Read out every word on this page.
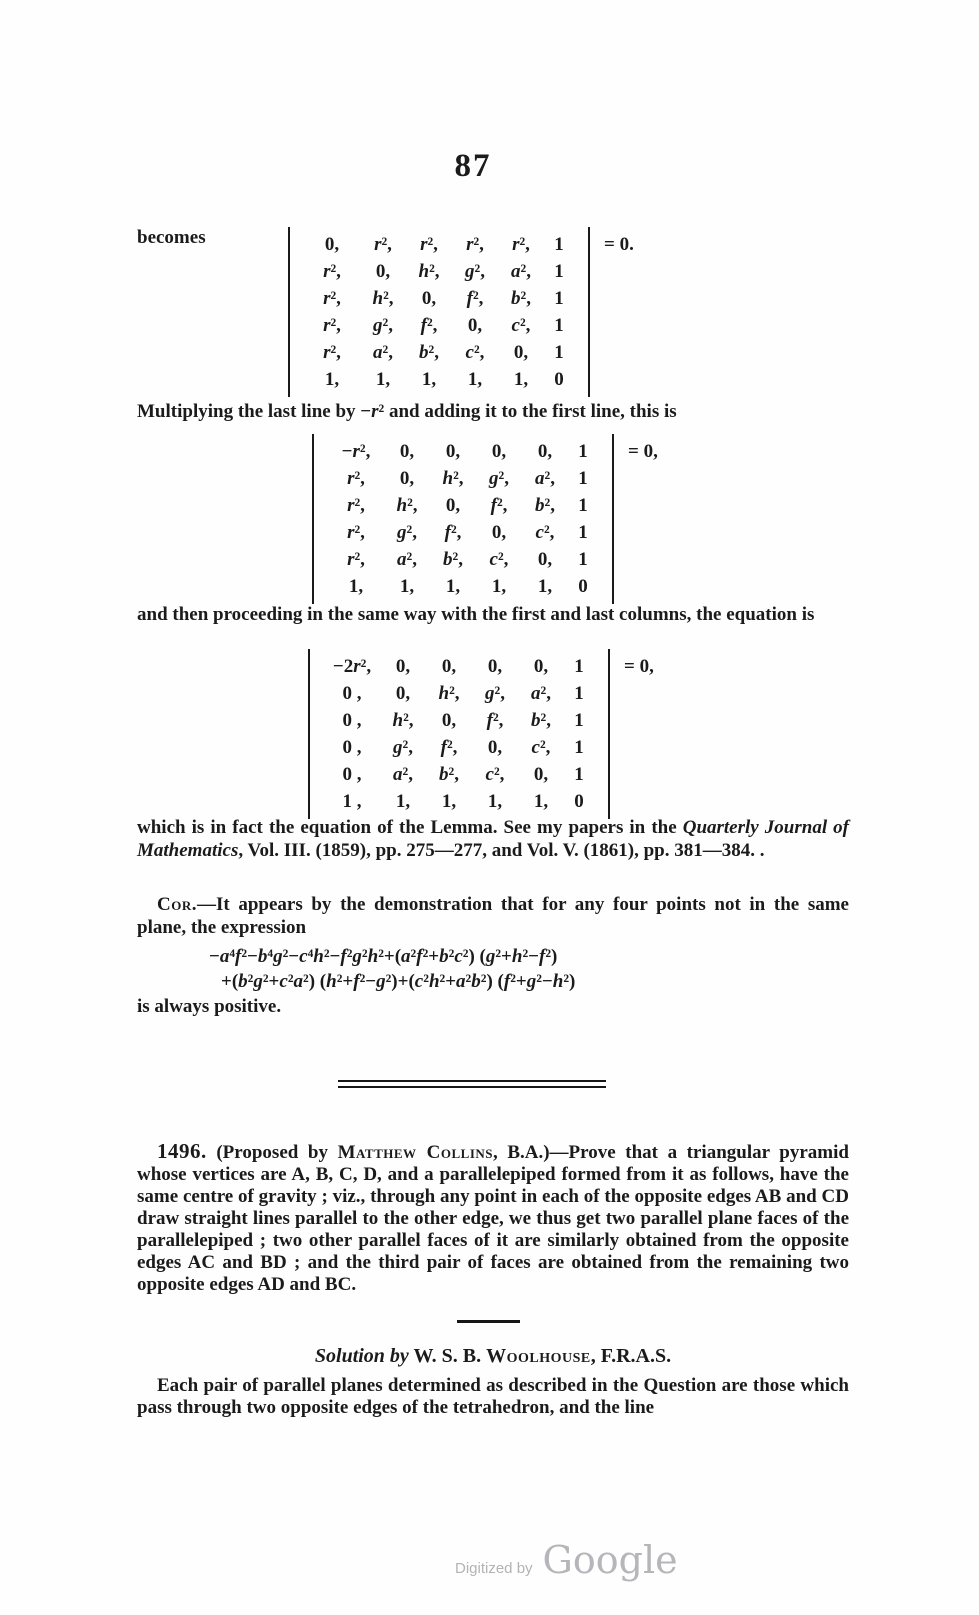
87
becomes	0,	r²,	r²,	r²,	r²,	1
r²,	0,	h²,	g²,	a²,	1
r²,	h²,	0,	f²,	b²,	1
r²,	g²,	f²,	0,	c²,	1
r²,	a²,	b²,	c²,	0,	1
1,	1,	1,	1,	1,	0
= 0.
Multiplying the last line by −r² and adding it to the first line, this is
−r²,	0,	0,	0,	0,	1
r²,	0,	h²,	g²,	a²,	1
r²,	h²,	0,	f²,	b²,	1
r²,	g²,	f²,	0,	c²,	1
r²,	a²,	b²,	c²,	0,	1
1,	1,	1,	1,	1,	0
= 0,
and then proceeding in the same way with the first and last columns, the equation is
−2r²,	0,	0,	0,	0,	1
0 ,	0,	h²,	g²,	a²,	1
0 ,	h²,	0,	f²,	b²,	1
0 ,	g²,	f²,	0,	c²,	1
0 ,	a²,	b²,	c²,	0,	1
1 ,	1,	1,	1,	1,	0
= 0,
which is in fact the equation of the Lemma. See my papers in the Quarterly Journal of Mathematics, Vol. III. (1859), pp. 275—277, and Vol. V. (1861), pp. 381—384. .
Cor.—It appears by the demonstration that for any four points not in the same plane, the expression
−a⁴f²−b⁴g²−c⁴h²−f²g²h²+(a²f²+b²c²) (g²+h²−f²)
+(b²g²+c²a²) (h²+f²−g²)+(c²h²+a²b²) (f²+g²−h²)
is always positive.
1496. (Proposed by Matthew Collins, B.A.)—Prove that a triangular pyramid whose vertices are A, B, C, D, and a parallelepiped formed from it as follows, have the same centre of gravity ; viz., through any point in each of the opposite edges AB and CD draw straight lines parallel to the other edge, we thus get two parallel plane faces of the parallelepiped ; two other parallel faces of it are similarly obtained from the opposite edges AC and BD ; and the third pair of faces are obtained from the remaining two opposite edges AD and BC.
Solution by W. S. B. Woolhouse, F.R.A.S.
Each pair of parallel planes determined as described in the Question are those which pass through two opposite edges of the tetrahedron, and the line
Digitized by Google
